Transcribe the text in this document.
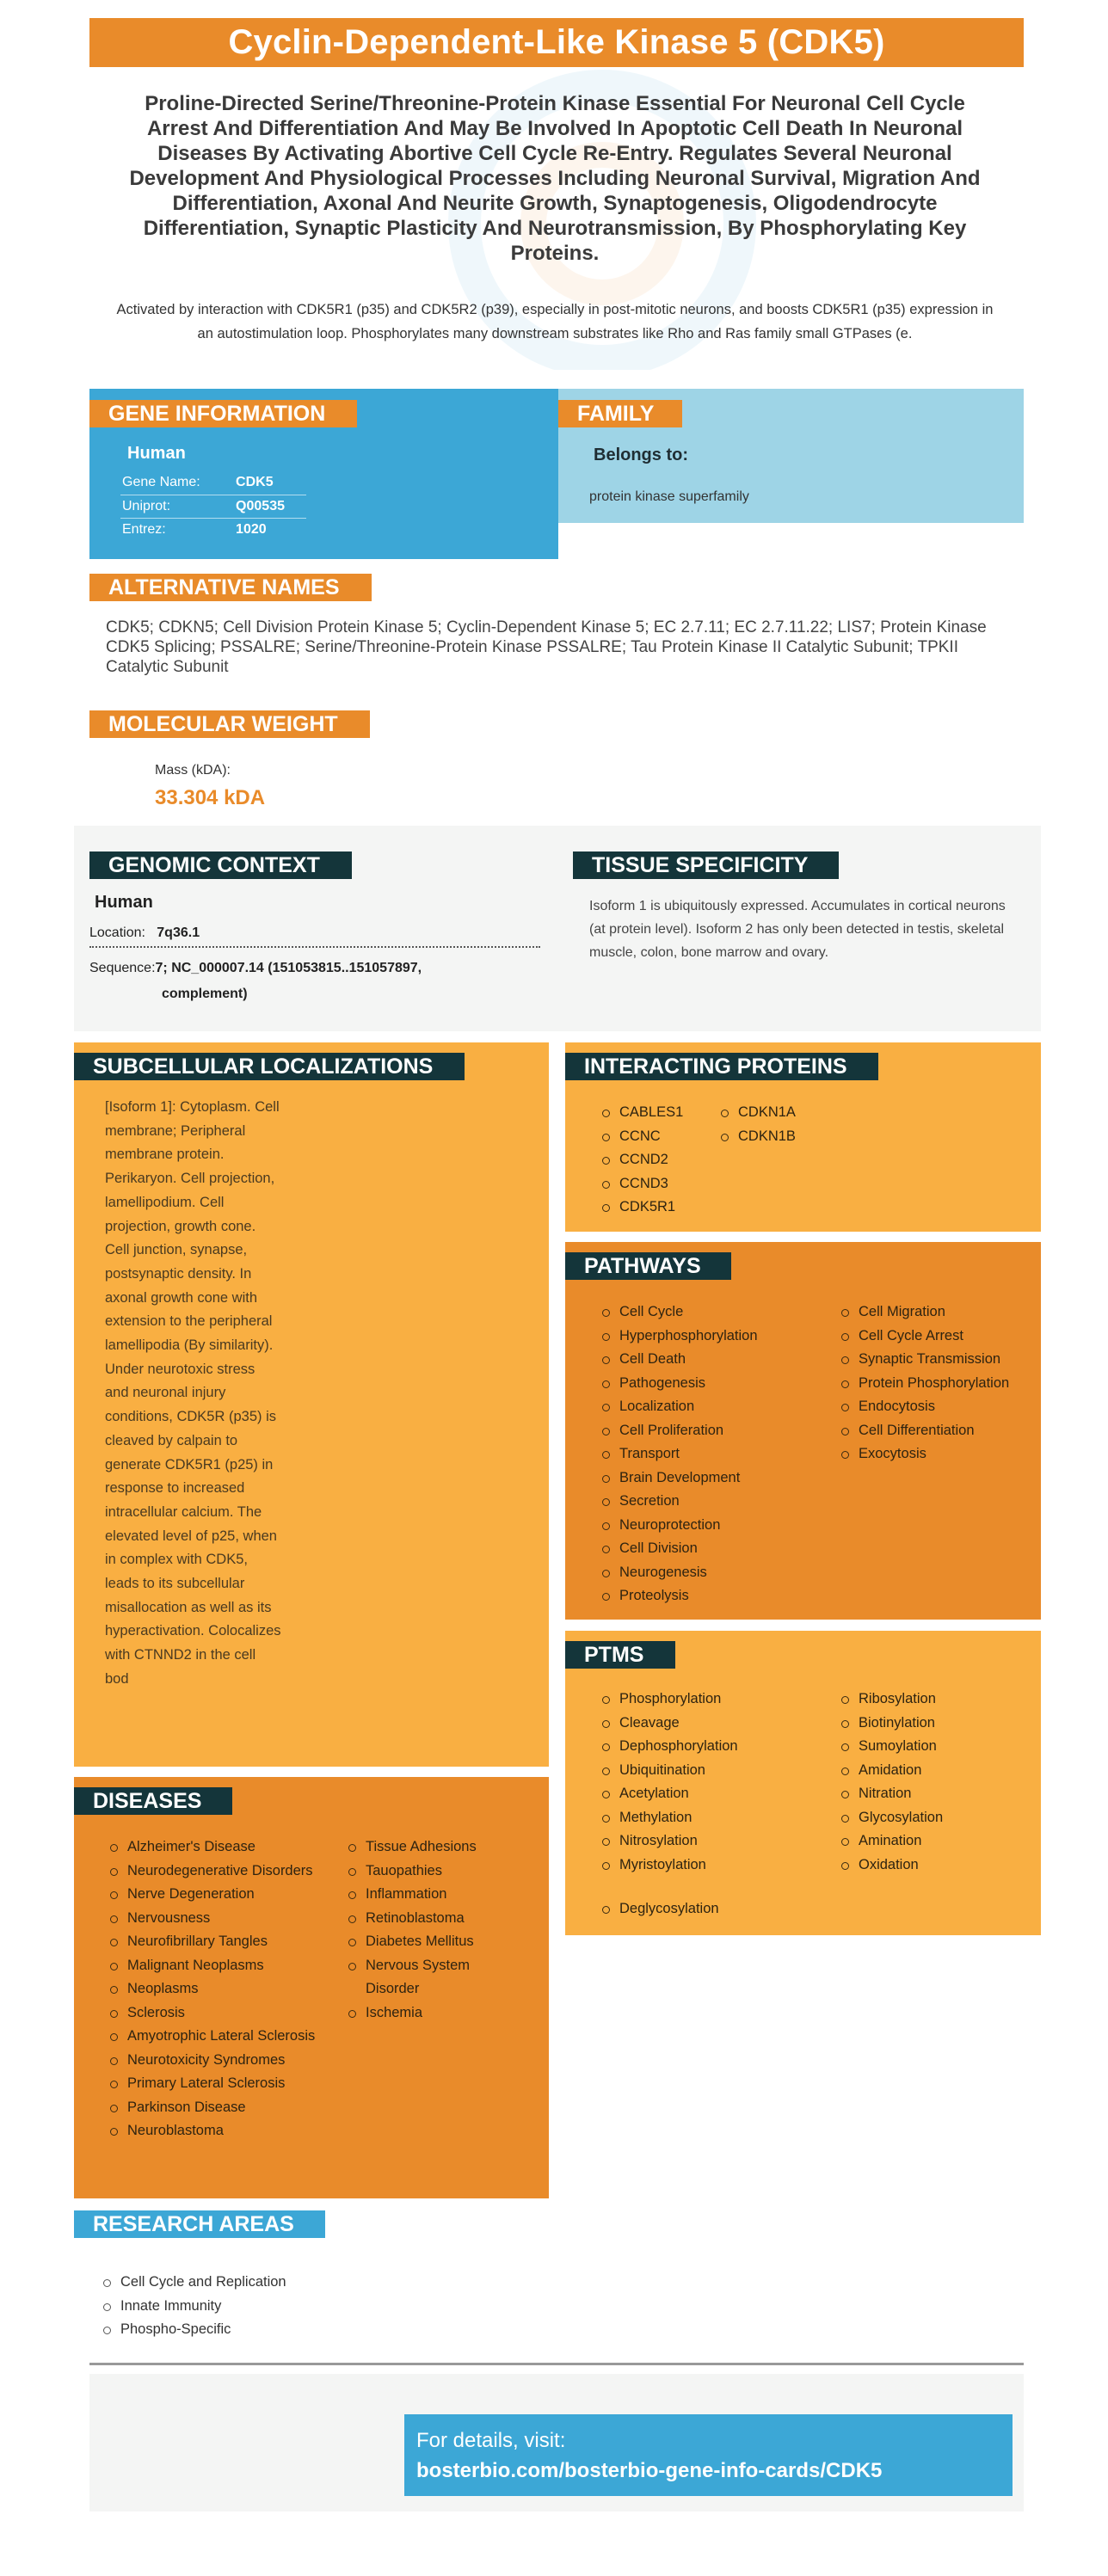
Cyclin-Dependent-Like Kinase 5 (CDK5)
Proline-Directed Serine/Threonine-Protein Kinase Essential For Neuronal Cell Cycle Arrest And Differentiation And May Be Involved In Apoptotic Cell Death In Neuronal Diseases By Activating Abortive Cell Cycle Re-Entry. Regulates Several Neuronal Development And Physiological Processes Including Neuronal Survival, Migration And Differentiation, Axonal And Neurite Growth, Synaptogenesis, Oligodendrocyte Differentiation, Synaptic Plasticity And Neurotransmission, By Phosphorylating Key Proteins.
Activated by interaction with CDK5R1 (p35) and CDK5R2 (p39), especially in post-mitotic neurons, and boosts CDK5R1 (p35) expression in an autostimulation loop. Phosphorylates many downstream substrates like Rho and Ras family small GTPases (e.
GENE INFORMATION
Human
Gene Name:	CDK5
Uniprot:	Q00535
Entrez:	1020
FAMILY
Belongs to:
protein kinase superfamily
ALTERNATIVE NAMES
CDK5; CDKN5; Cell Division Protein Kinase 5; Cyclin-Dependent Kinase 5; EC 2.7.11; EC 2.7.11.22; LIS7; Protein Kinase CDK5 Splicing; PSSALRE; Serine/Threonine-Protein Kinase PSSALRE; Tau Protein Kinase II Catalytic Subunit; TPKII Catalytic Subunit
MOLECULAR WEIGHT
Mass (kDA):
33.304 kDA
GENOMIC CONTEXT
Human
Location: 7q36.1
Sequence:7; NC_000007.14 (151053815..151057897,
complement)
TISSUE SPECIFICITY
Isoform 1 is ubiquitously expressed. Accumulates in cortical neurons (at protein level). Isoform 2 has only been detected in testis, skeletal muscle, colon, bone marrow and ovary.
SUBCELLULAR LOCALIZATIONS
[Isoform 1]: Cytoplasm. Cell membrane; Peripheral membrane protein. Perikaryon. Cell projection, lamellipodium. Cell projection, growth cone. Cell junction, synapse, postsynaptic density. In axonal growth cone with extension to the peripheral lamellipodia (By similarity). Under neurotoxic stress and neuronal injury conditions, CDK5R (p35) is cleaved by calpain to generate CDK5R1 (p25) in response to increased intracellular calcium. The elevated level of p25, when in complex with CDK5, leads to its subcellular misallocation as well as its hyperactivation. Colocalizes with CTNND2 in the cell bod
INTERACTING PROTEINS
CABLES1
CCNC
CCND2
CCND3
CDK5R1
CDKN1A
CDKN1B
PATHWAYS
Cell Cycle
Hyperphosphorylation
Cell Death
Pathogenesis
Localization
Cell Proliferation
Transport
Brain Development
Secretion
Neuroprotection
Cell Division
Neurogenesis
Proteolysis
Cell Migration
Cell Cycle Arrest
Synaptic Transmission
Protein Phosphorylation
Endocytosis
Cell Differentiation
Exocytosis
PTMS
Phosphorylation
Cleavage
Dephosphorylation
Ubiquitination
Acetylation
Methylation
Nitrosylation
Myristoylation
Ribosylation
Biotinylation
Sumoylation
Amidation
Nitration
Glycosylation
Amination
Oxidation
Deglycosylation
DISEASES
Alzheimer's Disease
Neurodegenerative Disorders
Nerve Degeneration
Nervousness
Neurofibrillary Tangles
Malignant Neoplasms
Neoplasms
Sclerosis
Amyotrophic Lateral Sclerosis
Neurotoxicity Syndromes
Primary Lateral Sclerosis
Parkinson Disease
Neuroblastoma
Tissue Adhesions
Tauopathies
Inflammation
Retinoblastoma
Diabetes Mellitus
Nervous System Disorder
Ischemia
RESEARCH AREAS
Cell Cycle and Replication
Innate Immunity
Phospho-Specific
For details, visit:
bosterbio.com/bosterbio-gene-info-cards/CDK5
